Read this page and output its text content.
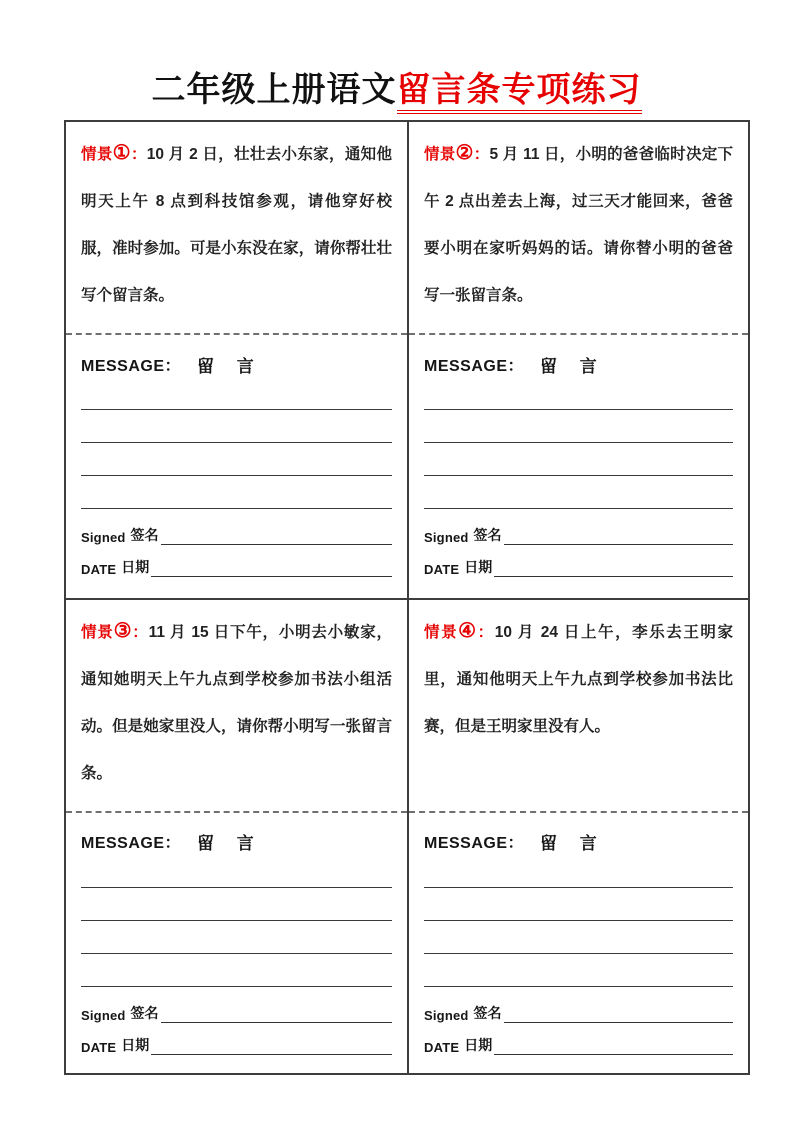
二年级上册语文留言条专项练习
情景①：10 月 2 日，壮壮去小东家，通知他明天上午 8 点到科技馆参观，请他穿好校服，准时参加。可是小东没在家，请你帮壮壮写个留言条。
MESSAGE： 留 言
Signed 签名
DATE 日期
情景②：5 月 11 日，小明的爸爸临时决定下午 2 点出差去上海，过三天才能回来，爸爸要小明在家听妈妈的话。请你替小明的爸爸写一张留言条。
MESSAGE： 留 言
Signed 签名
DATE 日期
情景③：11 月 15 日下午，小明去小敏家，通知她明天上午九点到学校参加书法小组活动。但是她家里没人，请你帮小明写一张留言条。
MESSAGE： 留 言
Signed 签名
DATE 日期
情景④：10 月 24 日上午，李乐去王明家里，通知他明天上午九点到学校参加书法比赛，但是王明家里没有人。
MESSAGE： 留 言
Signed 签名
DATE 日期
